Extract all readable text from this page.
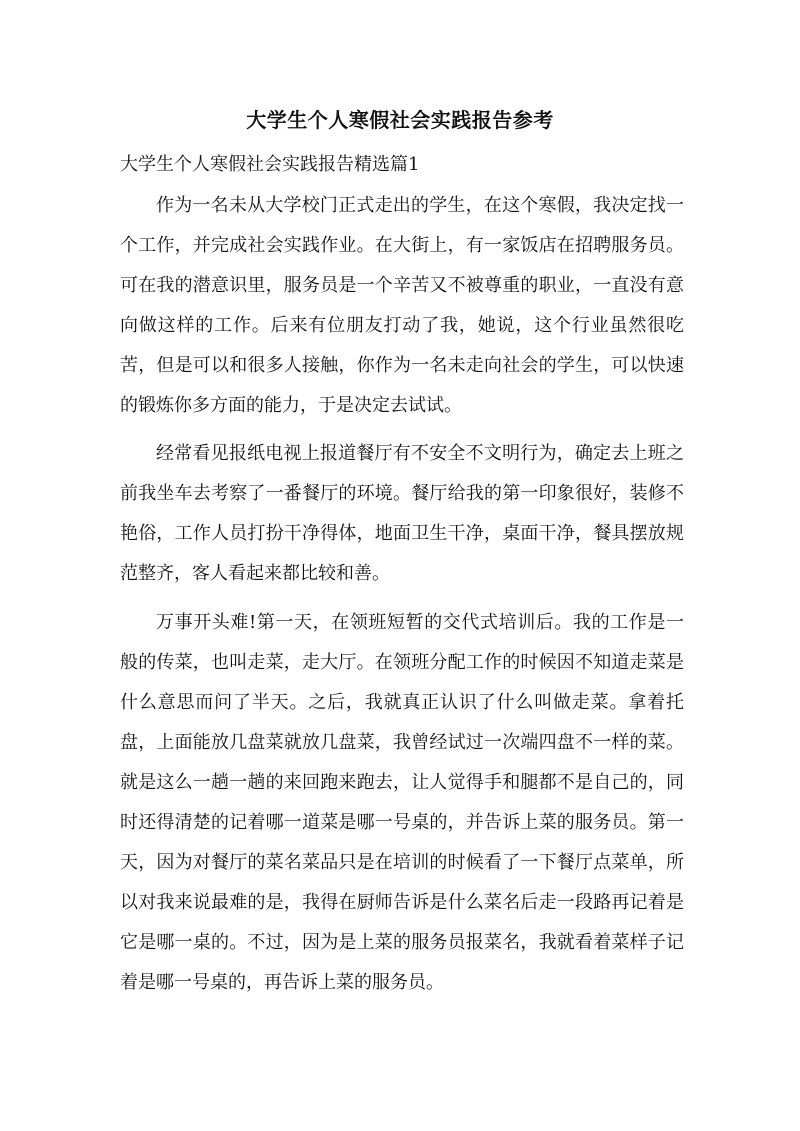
大学生个人寒假社会实践报告参考

大学生个人寒假社会实践报告精选篇1

作为一名未从大学校门正式走出的学生，在这个寒假，我决定找一个工作，并完成社会实践作业。在大街上，有一家饭店在招聘服务员。可在我的潜意识里，服务员是一个辛苦又不被尊重的职业，一直没有意向做这样的工作。后来有位朋友打动了我，她说，这个行业虽然很吃苦，但是可以和很多人接触，你作为一名未走向社会的学生，可以快速的锻炼你多方面的能力，于是决定去试试。

经常看见报纸电视上报道餐厅有不安全不文明行为，确定去上班之前我坐车去考察了一番餐厅的环境。餐厅给我的第一印象很好，装修不艳俗，工作人员打扮干净得体，地面卫生干净，桌面干净，餐具摆放规范整齐，客人看起来都比较和善。

万事开头难!第一天，在领班短暂的交代式培训后。我的工作是一般的传菜，也叫走菜，走大厅。在领班分配工作的时候因不知道走菜是什么意思而问了半天。之后，我就真正认识了什么叫做走菜。拿着托盘，上面能放几盘菜就放几盘菜，我曾经试过一次端四盘不一样的菜。就是这么一趟一趟的来回跑来跑去，让人觉得手和腿都不是自己的，同时还得清楚的记着哪一道菜是哪一号桌的，并告诉上菜的服务员。第一天，因为对餐厅的菜名菜品只是在培训的时候看了一下餐厅点菜单，所以对我来说最难的是，我得在厨师告诉是什么菜名后走一段路再记着是它是哪一桌的。不过，因为是上菜的服务员报菜名，我就看着菜样子记着是哪一号桌的，再告诉上菜的服务员。
